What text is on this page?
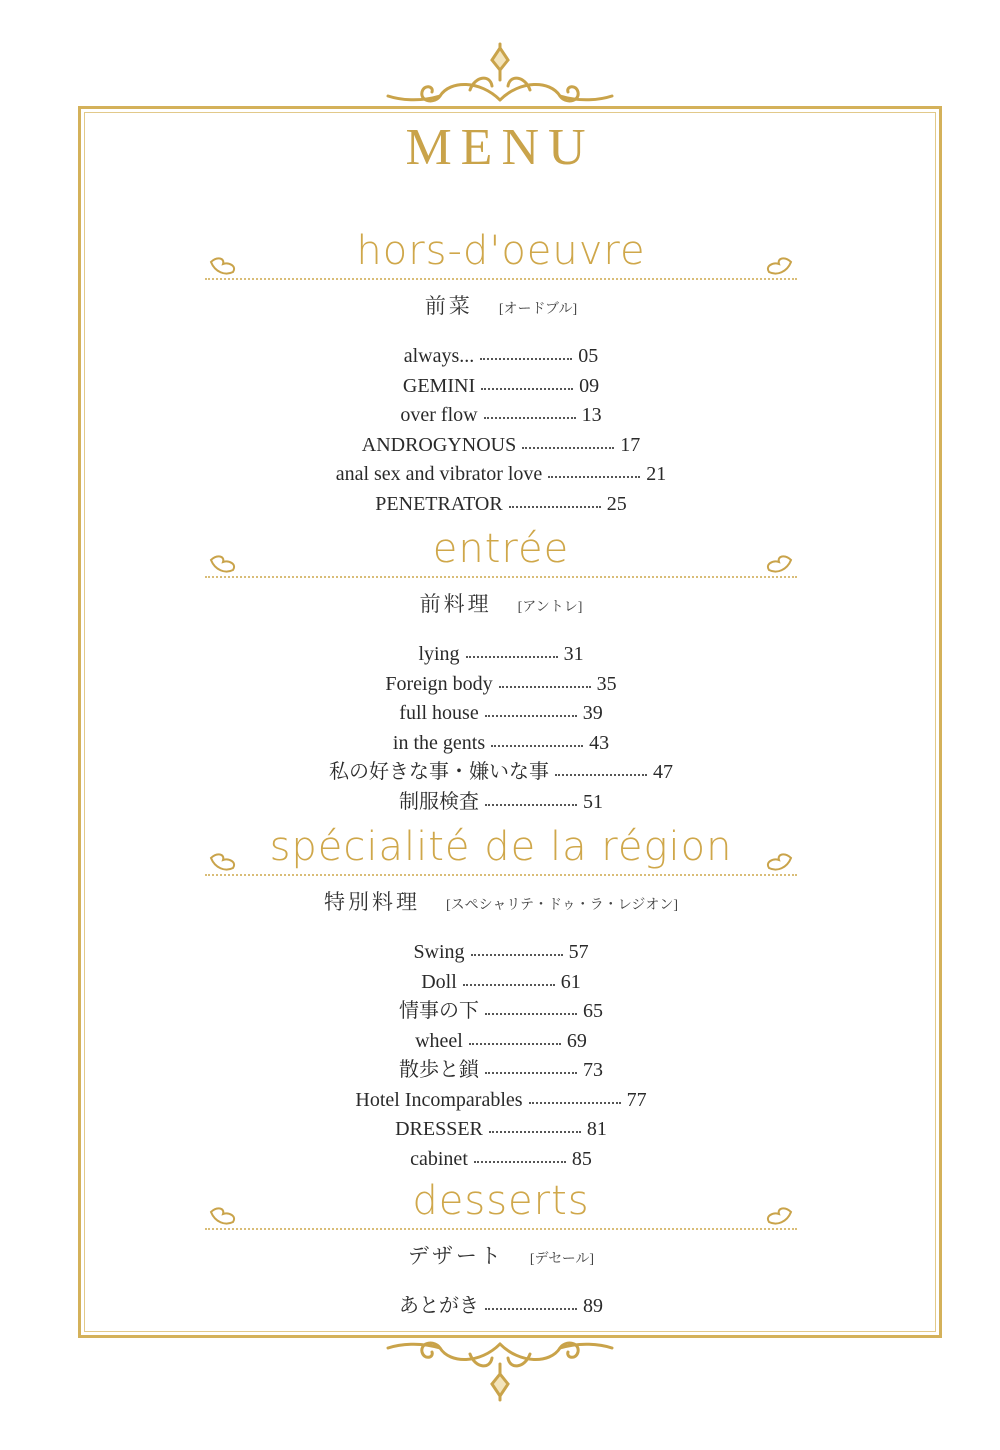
MENU
hors-d'oeuvre
前菜 [オードブル]
always...	05
GEMINI	09
over flow	13
ANDROGYNOUS	17
anal sex and vibrator love	21
PENETRATOR	25
entrée
前料理 [アントレ]
lying	31
Foreign body	35
full house	39
in the gents	43
私の好きな事・嫌いな事	47
制服検査	51
spécialité de la région
特別料理 [スペシャリテ・ドゥ・ラ・レジオン]
Swing	57
Doll	61
情事の下	65
wheel	69
散歩と鎖	73
Hotel Incomparables	77
DRESSER	81
cabinet	85
desserts
デザート [デセール]
あとがき	89
